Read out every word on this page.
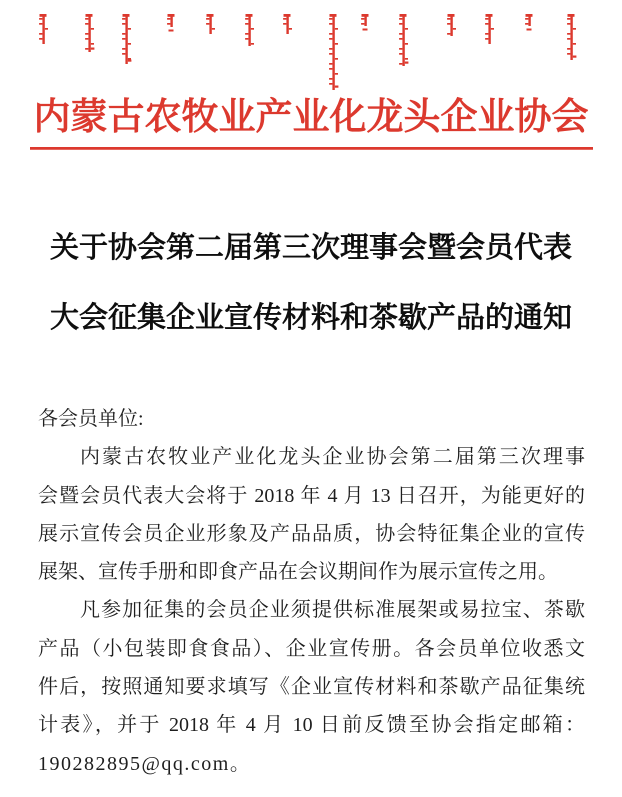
内蒙古农牧业产业化龙头企业协会
关于协会第二届第三次理事会暨会员代表
大会征集企业宣传材料和茶歇产品的通知

各会员单位:

内蒙古农牧业产业化龙头企业协会第二届第三次理事
会暨会员代表大会将于 2018 年 4 月 13 日召开，为能更好的
展示宣传会员企业形象及产品品质，协会特征集企业的宣传
展架、宣传手册和即食产品在会议期间作为展示宣传之用。
凡参加征集的会员企业须提供标准展架或易拉宝、茶歇
产品（小包装即食食品）、企业宣传册。各会员单位收悉文
件后，按照通知要求填写《企业宣传材料和茶歇产品征集统
计表》，并于 2018 年 4 月 10 日前反馈至协会指定邮箱：
190282895@qq.com。
